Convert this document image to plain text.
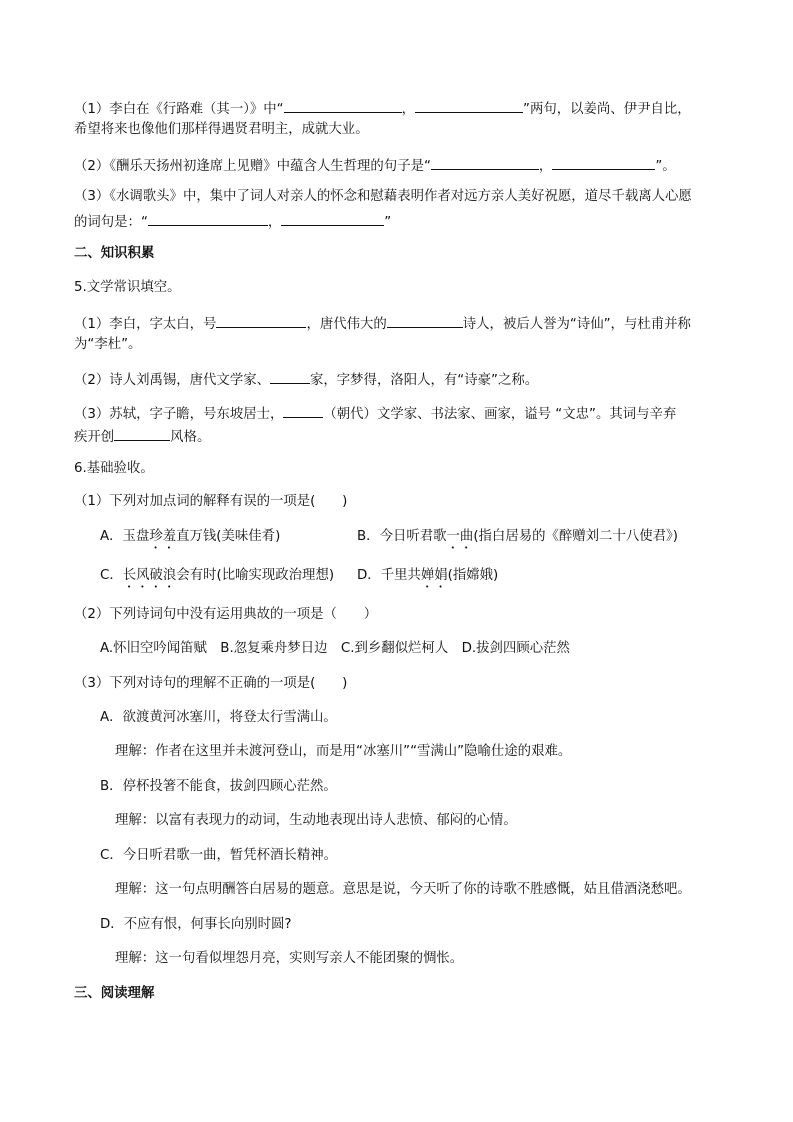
（1）李白在《行路难（其一）》中“	，	”两句，以姜尚、伊尹自比，
希望将来也像他们那样得遇贤君明主，成就大业。
（2）《酬乐天扬州初逢席上见赠》中蕴含人生哲理的句子是“	，	”。
（3）《水调歌头》中，集中了词人对亲人的怀念和慰藉表明作者对远方亲人美好祝愿，道尽千载离人心愿
的词句是：“	，	”
二、知识积累
5.文学常识填空。
（1）李白，字太白，号	，唐代伟大的	诗人，被后人誉为“诗仙”，与杜甫并称
为“李杜”。
（2）诗人刘禹锡，唐代文学家、	家，字梦得，洛阳人，有“诗豪”之称。
（3）苏轼，字子瞻，号东坡居士，	（朝代）文学家、书法家、画家，谥号 “文忠”。其词与辛弃
疾开创	风格。
6.基础验收。
（1）下列对加点词的解释有误的一项是(　　)
A．玉盘珍羞直万钱(美味佳肴)	B．今日听君歌一曲(指白居易的《醉赠刘二十八使君》)
C．长风破浪会有时(比喻实现政治理想) D．千里共婵娟(指嫦娥)
（2）下列诗词句中没有运用典故的一项是（　　）
A.怀旧空吟闻笛赋　B.忽复乘舟梦日边　C.到乡翻似烂柯人　D.拔剑四顾心茫然
（3）下列对诗句的理解不正确的一项是(　　)
A．欲渡黄河冰塞川，将登太行雪满山。
理解：作者在这里并未渡河登山，而是用“冰塞川”“雪满山”隐喻仕途的艰难。
B．停杯投箸不能食，拔剑四顾心茫然。
理解：以富有表现力的动词，生动地表现出诗人悲愤、郁闷的心情。
C．今日听君歌一曲，暂凭杯酒长精神。
理解：这一句点明酬答白居易的题意。意思是说，今天听了你的诗歌不胜感慨，姑且借酒浇愁吧。
D．不应有恨，何事长向别时圆?
理解：这一句看似埋怨月亮，实则写亲人不能团聚的惆怅。
三、阅读理解
